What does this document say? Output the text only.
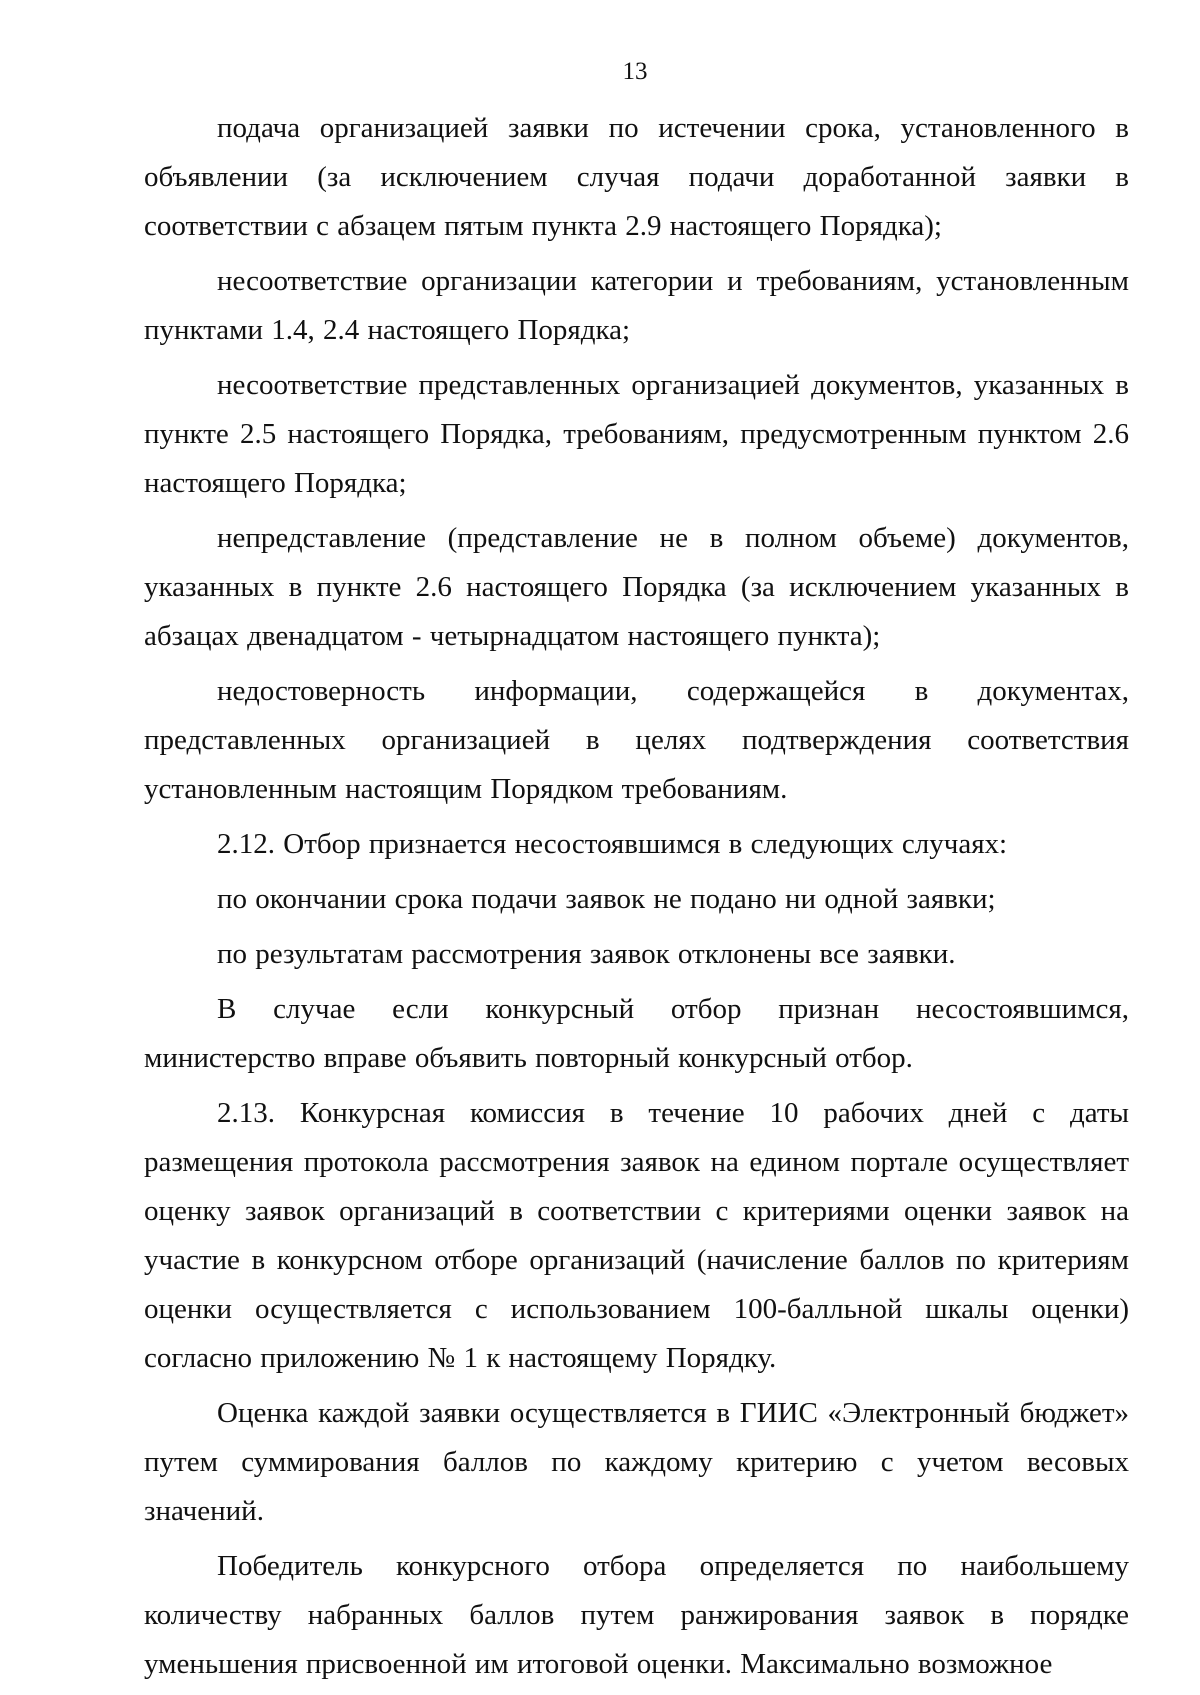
13

подача организацией заявки по истечении срока, установленного в объявлении (за исключением случая подачи доработанной заявки в соответствии с абзацем пятым пункта 2.9 настоящего Порядка);

несоответствие организации категории и требованиям, установленным пунктами 1.4, 2.4 настоящего Порядка;

несоответствие представленных организацией документов, указанных в пункте 2.5 настоящего Порядка, требованиям, предусмотренным пунктом 2.6 настоящего Порядка;

непредставление (представление не в полном объеме) документов, указанных в пункте 2.6 настоящего Порядка (за исключением указанных в абзацах двенадцатом - четырнадцатом настоящего пункта);

недостоверность информации, содержащейся в документах, представленных организацией в целях подтверждения соответствия установленным настоящим Порядком требованиям.

2.12. Отбор признается несостоявшимся в следующих случаях:

по окончании срока подачи заявок не подано ни одной заявки;

по результатам рассмотрения заявок отклонены все заявки.

В случае если конкурсный отбор признан несостоявшимся, министерство вправе объявить повторный конкурсный отбор.

2.13. Конкурсная комиссия в течение 10 рабочих дней с даты размещения протокола рассмотрения заявок на едином портале осуществляет оценку заявок организаций в соответствии с критериями оценки заявок на участие в конкурсном отборе организаций (начисление баллов по критериям оценки осуществляется с использованием 100-балльной шкалы оценки) согласно приложению № 1 к настоящему Порядку.

Оценка каждой заявки осуществляется в ГИИС «Электронный бюджет» путем суммирования баллов по каждому критерию с учетом весовых значений.

Победитель конкурсного отбора определяется по наибольшему количеству набранных баллов путем ранжирования заявок в порядке уменьшения присвоенной им итоговой оценки. Максимально возможное
